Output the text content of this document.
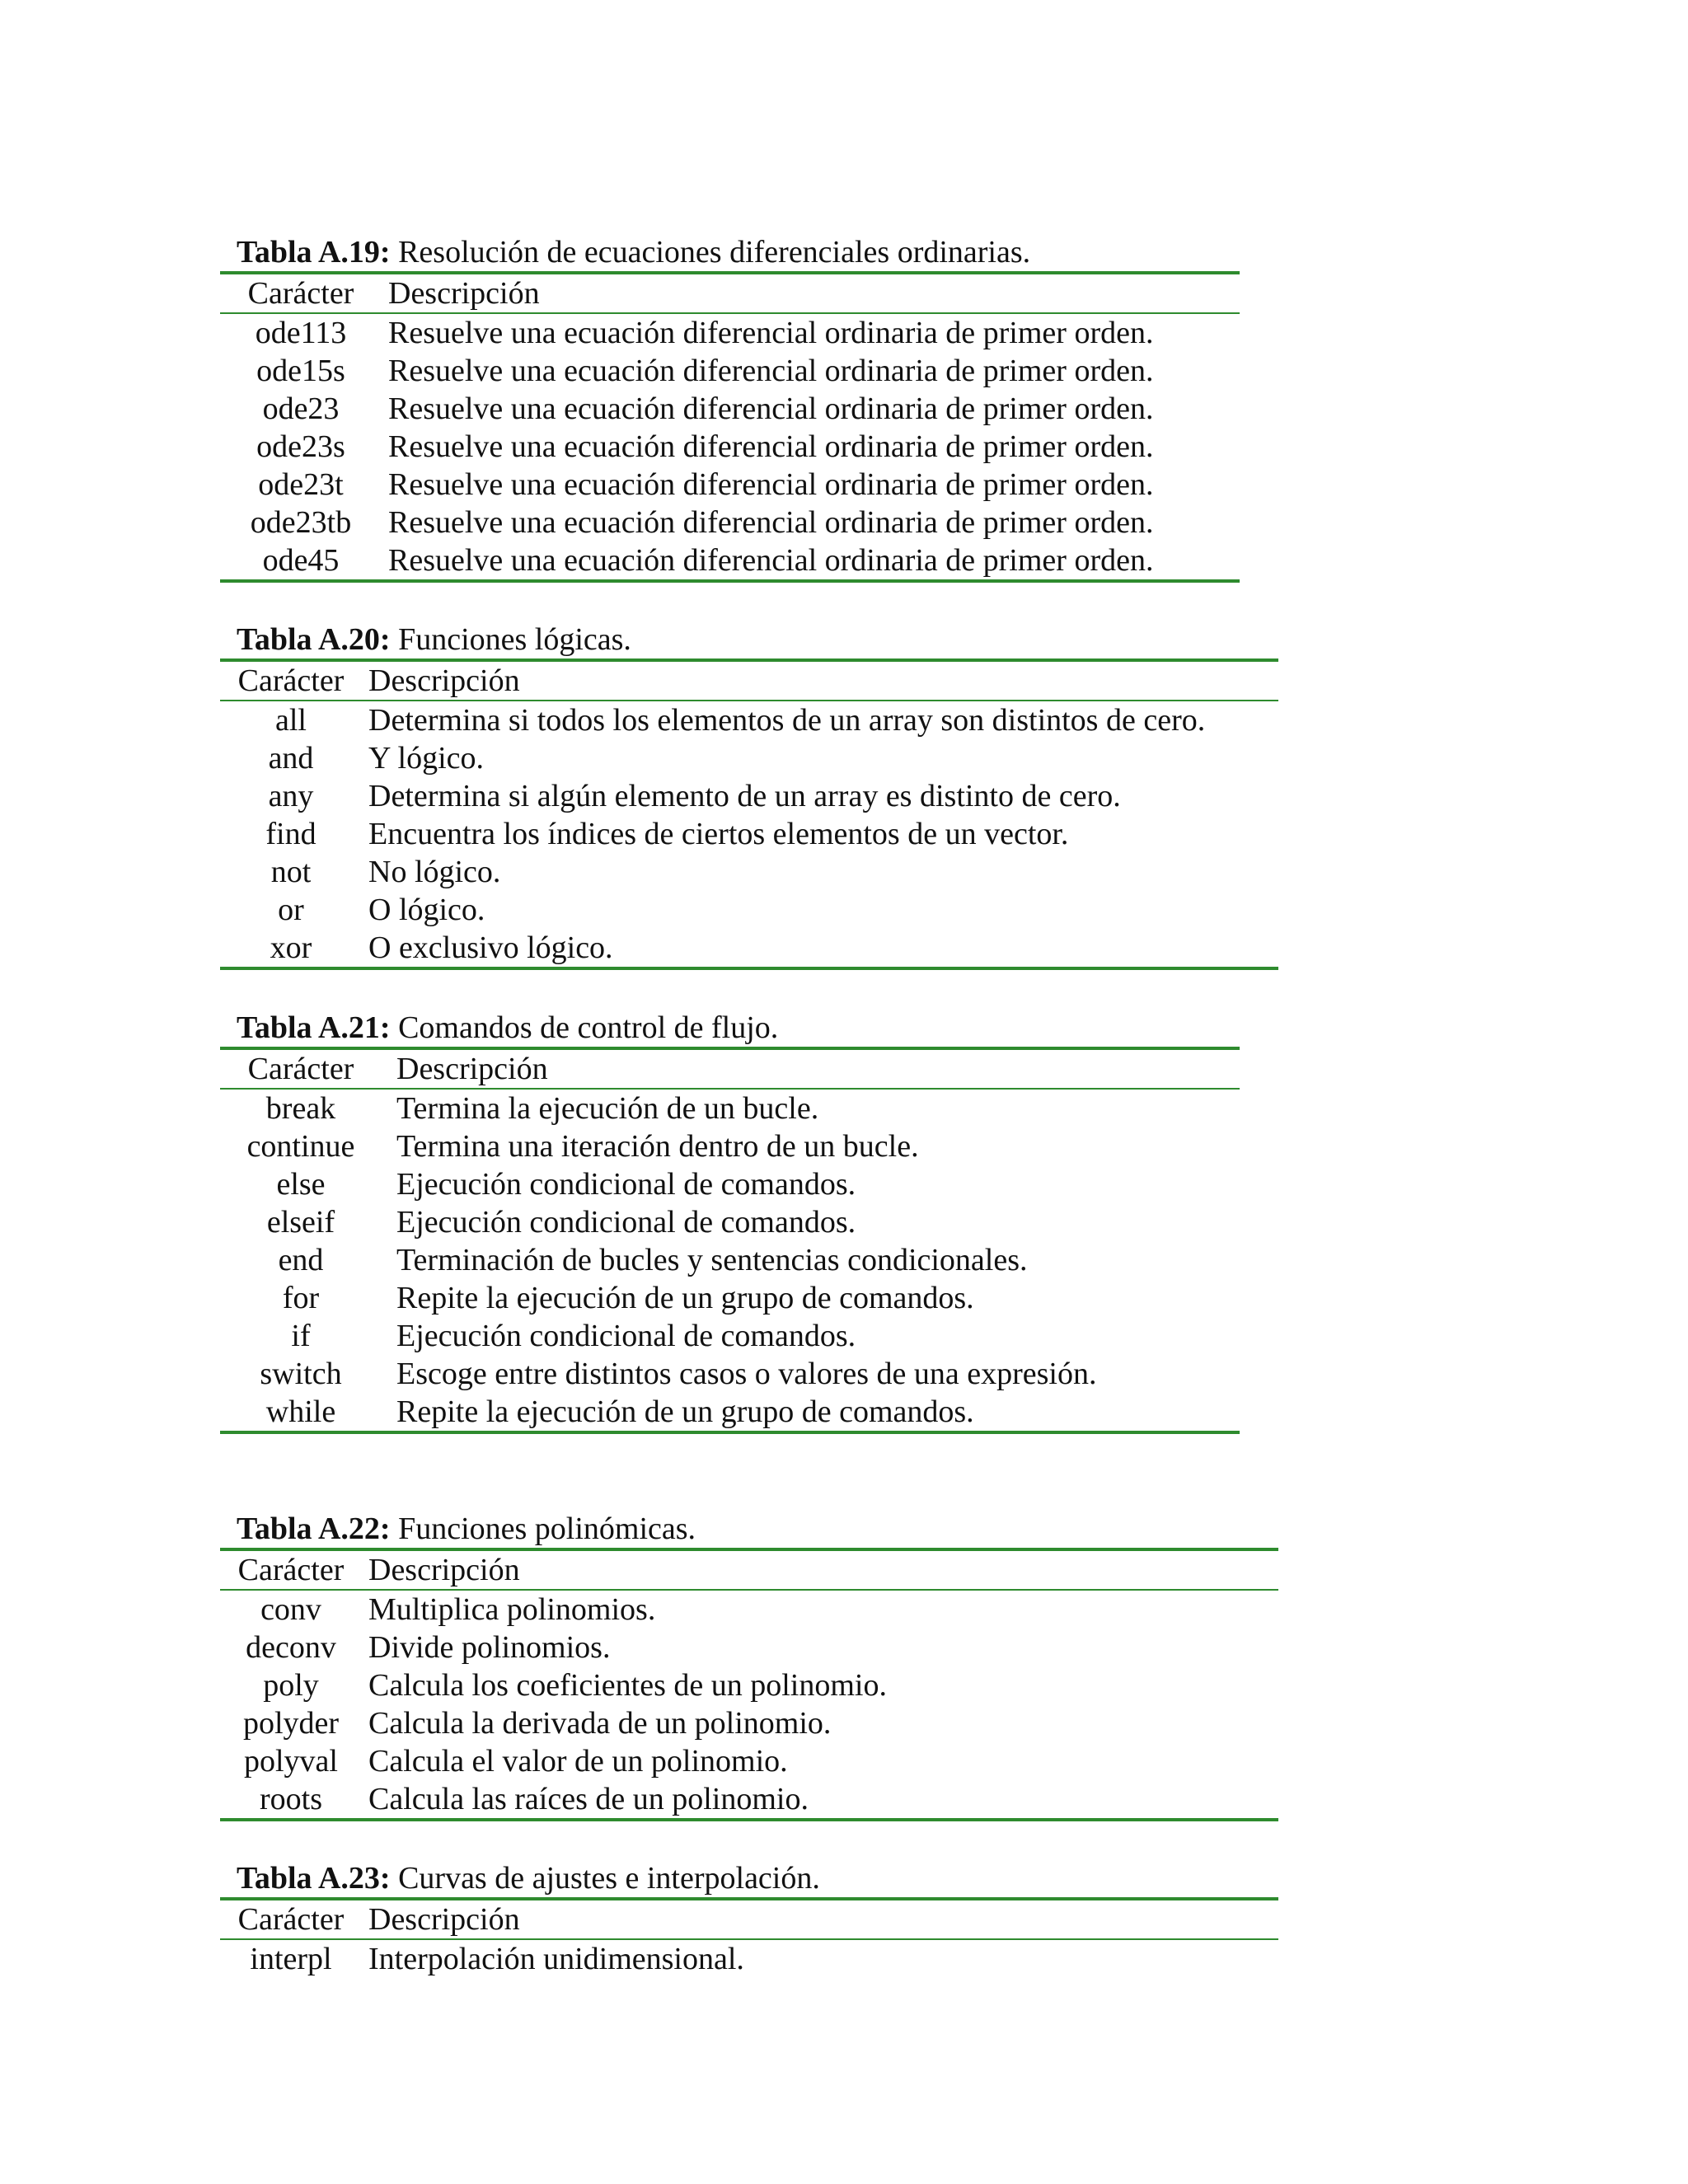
Tabla A.19: Resolución de ecuaciones diferenciales ordinarias.
Carácter	Descripción
ode113	Resuelve una ecuación diferencial ordinaria de primer orden.
ode15s	Resuelve una ecuación diferencial ordinaria de primer orden.
ode23	Resuelve una ecuación diferencial ordinaria de primer orden.
ode23s	Resuelve una ecuación diferencial ordinaria de primer orden.
ode23t	Resuelve una ecuación diferencial ordinaria de primer orden.
ode23tb	Resuelve una ecuación diferencial ordinaria de primer orden.
ode45	Resuelve una ecuación diferencial ordinaria de primer orden.
Tabla A.20: Funciones lógicas.
Carácter Descripción
all	Determina si todos los elementos de un array son distintos de cero.
and	Y lógico.
any	Determina si algún elemento de un array es distinto de cero.
find	Encuentra los índices de ciertos elementos de un vector.
not	No lógico.
or	O lógico.
xor	O exclusivo lógico.
Tabla A.21: Comandos de control de flujo.
Carácter	Descripción
break	Termina la ejecución de un bucle.
continue	Termina una iteración dentro de un bucle.
else	Ejecución condicional de comandos.
elseif	Ejecución condicional de comandos.
end	Terminación de bucles y sentencias condicionales.
for	Repite la ejecución de un grupo de comandos.
if	Ejecución condicional de comandos.
switch	Escoge entre distintos casos o valores de una expresión.
while	Repite la ejecución de un grupo de comandos.
Tabla A.22: Funciones polinómicas.
Carácter Descripción
conv	Multiplica polinomios.
deconv	Divide polinomios.
poly	Calcula los coeficientes de un polinomio.
polyder Calcula la derivada de un polinomio.
polyval Calcula el valor de un polinomio.
roots	Calcula las raíces de un polinomio.
Tabla A.23: Curvas de ajustes e interpolación.
Carácter Descripción
interpl	Interpolación unidimensional.
